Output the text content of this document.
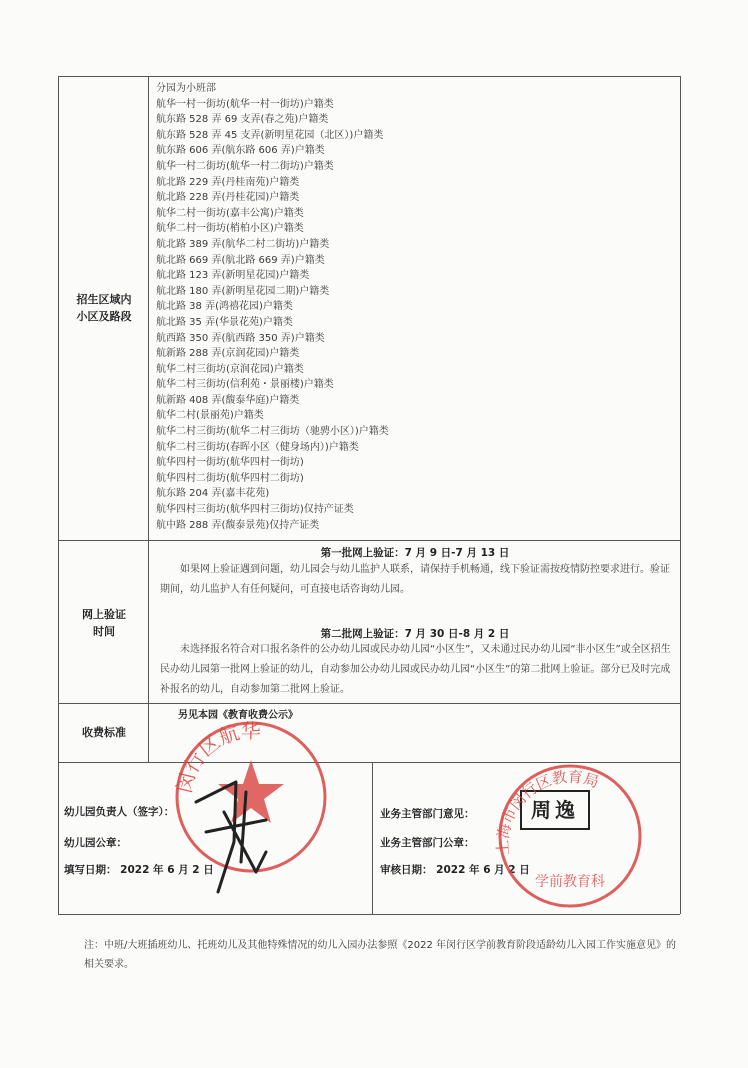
招生区域内
小区及路段
分园为小班部
航华一村一街坊(航华一村一街坊)户籍类
航东路 528 弄 69 支弄(春之苑)户籍类
航东路 528 弄 45 支弄(新明星花园（北区）)户籍类
航东路 606 弄(航东路 606 弄)户籍类
航华一村二街坊(航华一村二街坊)户籍类
航北路 229 弄(丹桂南苑)户籍类
航北路 228 弄(丹桂花园)户籍类
航华二村一街坊(嘉丰公寓)户籍类
航华二村一街坊(梢柏小区)户籍类
航北路 389 弄(航华二村二街坊)户籍类
航北路 669 弄(航北路 669 弄)户籍类
航北路 123 弄(新明星花园)户籍类
航北路 180 弄(新明星花园二期)户籍类
航北路 38 弄(鸿禧花园)户籍类
航北路 35 弄(华景花苑)户籍类
航西路 350 弄(航西路 350 弄)户籍类
航新路 288 弄(京润花园)户籍类
航华二村三街坊(京润花园)户籍类
航华二村三街坊(信利苑・景丽楼)户籍类
航新路 408 弄(馥泰华庭)户籍类
航华二村(景丽苑)户籍类
航华二村三街坊(航华二村三街坊（驰骋小区）)户籍类
航华二村三街坊(春晖小区（健身场内）)户籍类
航华四村一街坊(航华四村一街坊)
航华四村二街坊(航华四村二街坊)
航东路 204 弄(嘉丰花苑)
航华四村三街坊(航华四村三街坊)仅持产证类
航中路 288 弄(馥泰景苑)仅持产证类
网上验证
时间
第一批网上验证：7 月 9 日-7 月 13 日
如果网上验证遇到问题，幼儿园会与幼儿监护人联系，请保持手机畅通，线下验证需按疫情防控要求进行。验证期间，幼儿监护人有任何疑问，可直接电话咨询幼儿园。
第二批网上验证：7 月 30 日-8 月 2 日
未选择报名符合对口报名条件的公办幼儿园或民办幼儿园“小区生”，又未通过民办幼儿园“非小区生”或全区招生民办幼儿园第一批网上验证的幼儿，自动参加公办幼儿园或民办幼儿园“小区生”的第二批网上验证。部分已及时完成补报名的幼儿，自动参加第二批网上验证。
收费标准
另见本园《教育收费公示》
闵行区航华
幼儿园负责人（签字）：
幼儿园公章：
填写日期： 2022 年 6 月 2 日
业务主管部门意见：
业务主管部门公章：
审核日期： 2022 年 6 月 2 日
周逸
上海市闵行区教育局
学前教育科
注：中班/大班插班幼儿、托班幼儿及其他特殊情况的幼儿入园办法参照《2022 年闵行区学前教育阶段适龄幼儿入园工作实施意见》的相关要求。
